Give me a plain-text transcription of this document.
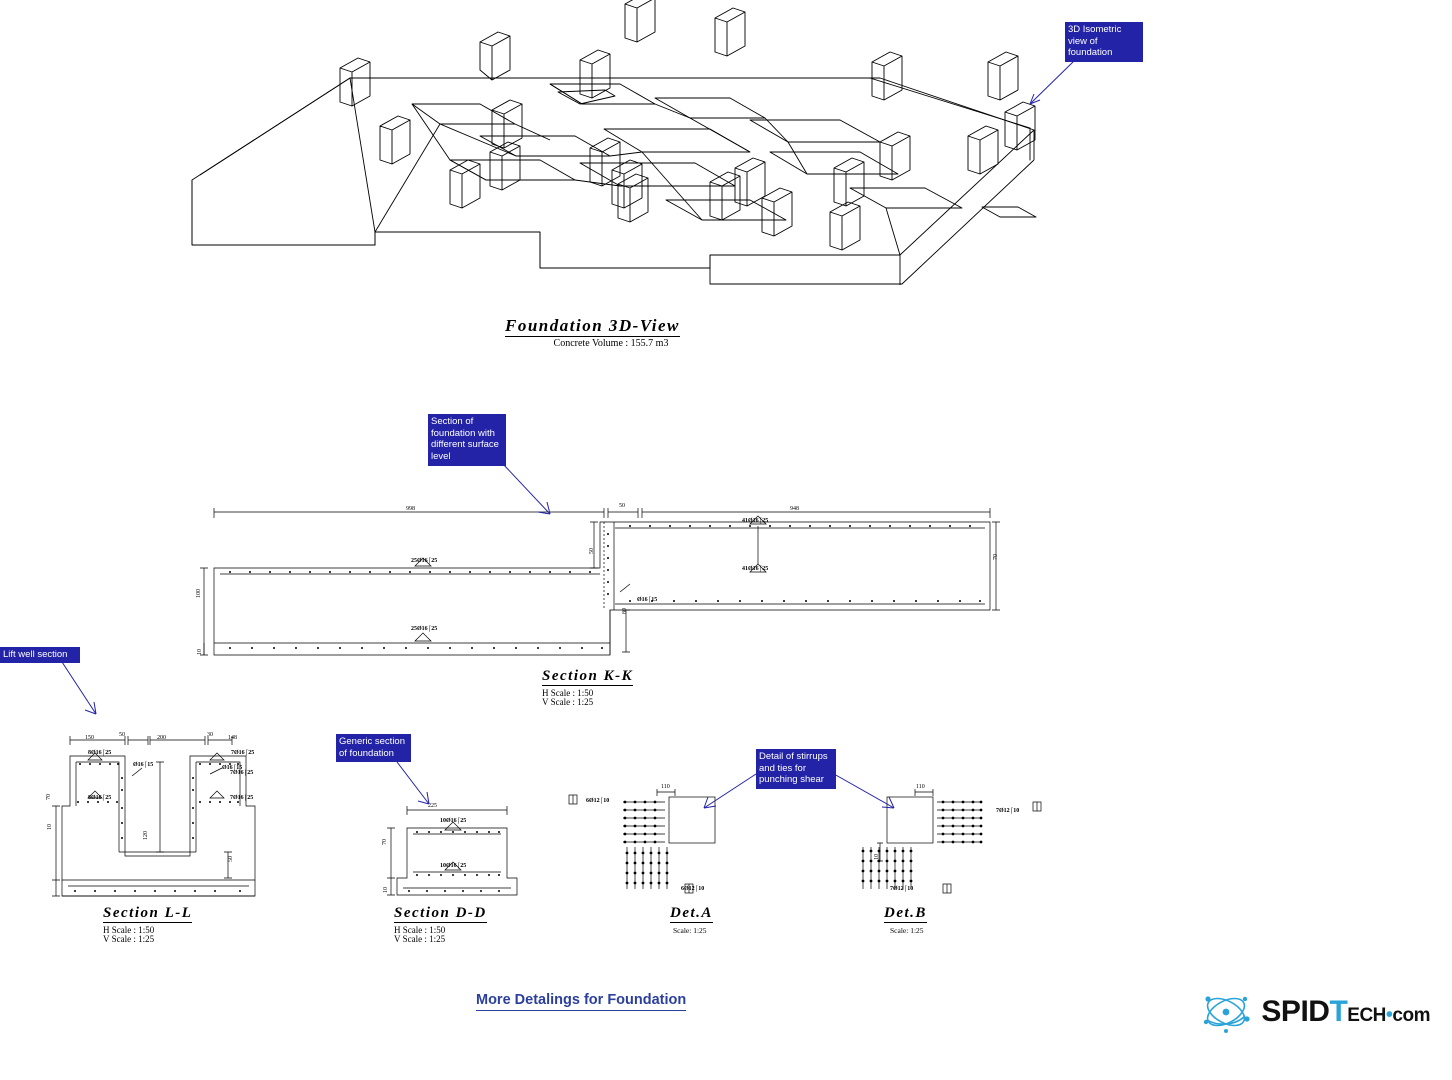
Foundation 3D-View
Concrete Volume : 155.7 m3
998	50	948
100
10
70
50
80
25Ø16⌠25
25Ø16⌠25
41Ø16⌠25
41Ø16⌠25
Ø16⌠15
Section K-K
H Scale : 1:50
V Scale : 1:25
150	50	200	30	148
70
10
120
50
8Ø16⌠25	7Ø16⌠25
Ø16⌠15	Ø16⌠15
8Ø16⌠25
7Ø16⌠25
7Ø16⌠25
Section L-L
H Scale : 1:50
V Scale : 1:25
225
70
10
10Ø16⌠25
10Ø16⌠25
Section D-D
H Scale : 1:50
V Scale : 1:25
6Ø12⌠10
110
6Ø12⌠10
Det.A
Scale: 1:25
110
10
7Ø12⌠10
7Ø12⌠10
Det.B
Scale: 1:25
3D Isometric view of foundation
Section of foundation with different surface level
Lift well section
Generic section of foundation	Detail of stirrups and ties for punching shear
More Detalings for Foundation	SPIDTECH•com
